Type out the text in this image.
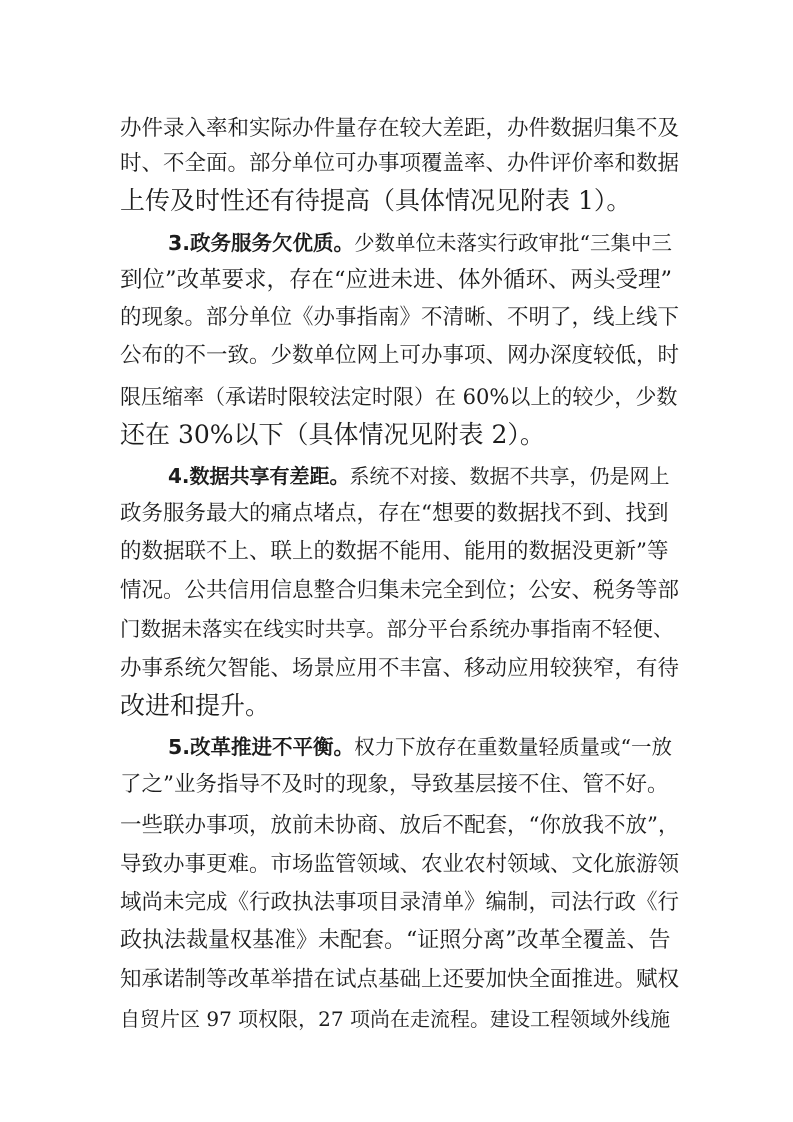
办件录入率和实际办件量存在较大差距，办件数据归集不及

时、不全面。部分单位可办事项覆盖率、办件评价率和数据

上传及时性还有待提高（具体情况见附表 1）。

3.政务服务欠优质。少数单位未落实行政审批“三集中三

到位”改革要求，存在“应进未进、体外循环、两头受理”

的现象。部分单位《办事指南》不清晰、不明了，线上线下

公布的不一致。少数单位网上可办事项、网办深度较低，时

限压缩率（承诺时限较法定时限）在 60%以上的较少，少数

还在 30%以下（具体情况见附表 2）。

4.数据共享有差距。系统不对接、数据不共享，仍是网上

政务服务最大的痛点堵点，存在“想要的数据找不到、找到

的数据联不上、联上的数据不能用、能用的数据没更新”等

情况。公共信用信息整合归集未完全到位；公安、税务等部

门数据未落实在线实时共享。部分平台系统办事指南不轻便、

办事系统欠智能、场景应用不丰富、移动应用较狭窄，有待

改进和提升。

5.改革推进不平衡。权力下放存在重数量轻质量或“一放

了之”业务指导不及时的现象，导致基层接不住、管不好。

一些联办事项，放前未协商、放后不配套，“你放我不放”，

导致办事更难。市场监管领域、农业农村领域、文化旅游领

域尚未完成《行政执法事项目录清单》编制，司法行政《行

政执法裁量权基准》未配套。“证照分离”改革全覆盖、告

知承诺制等改革举措在试点基础上还要加快全面推进。赋权

自贸片区 97 项权限，27 项尚在走流程。建设工程领域外线施
